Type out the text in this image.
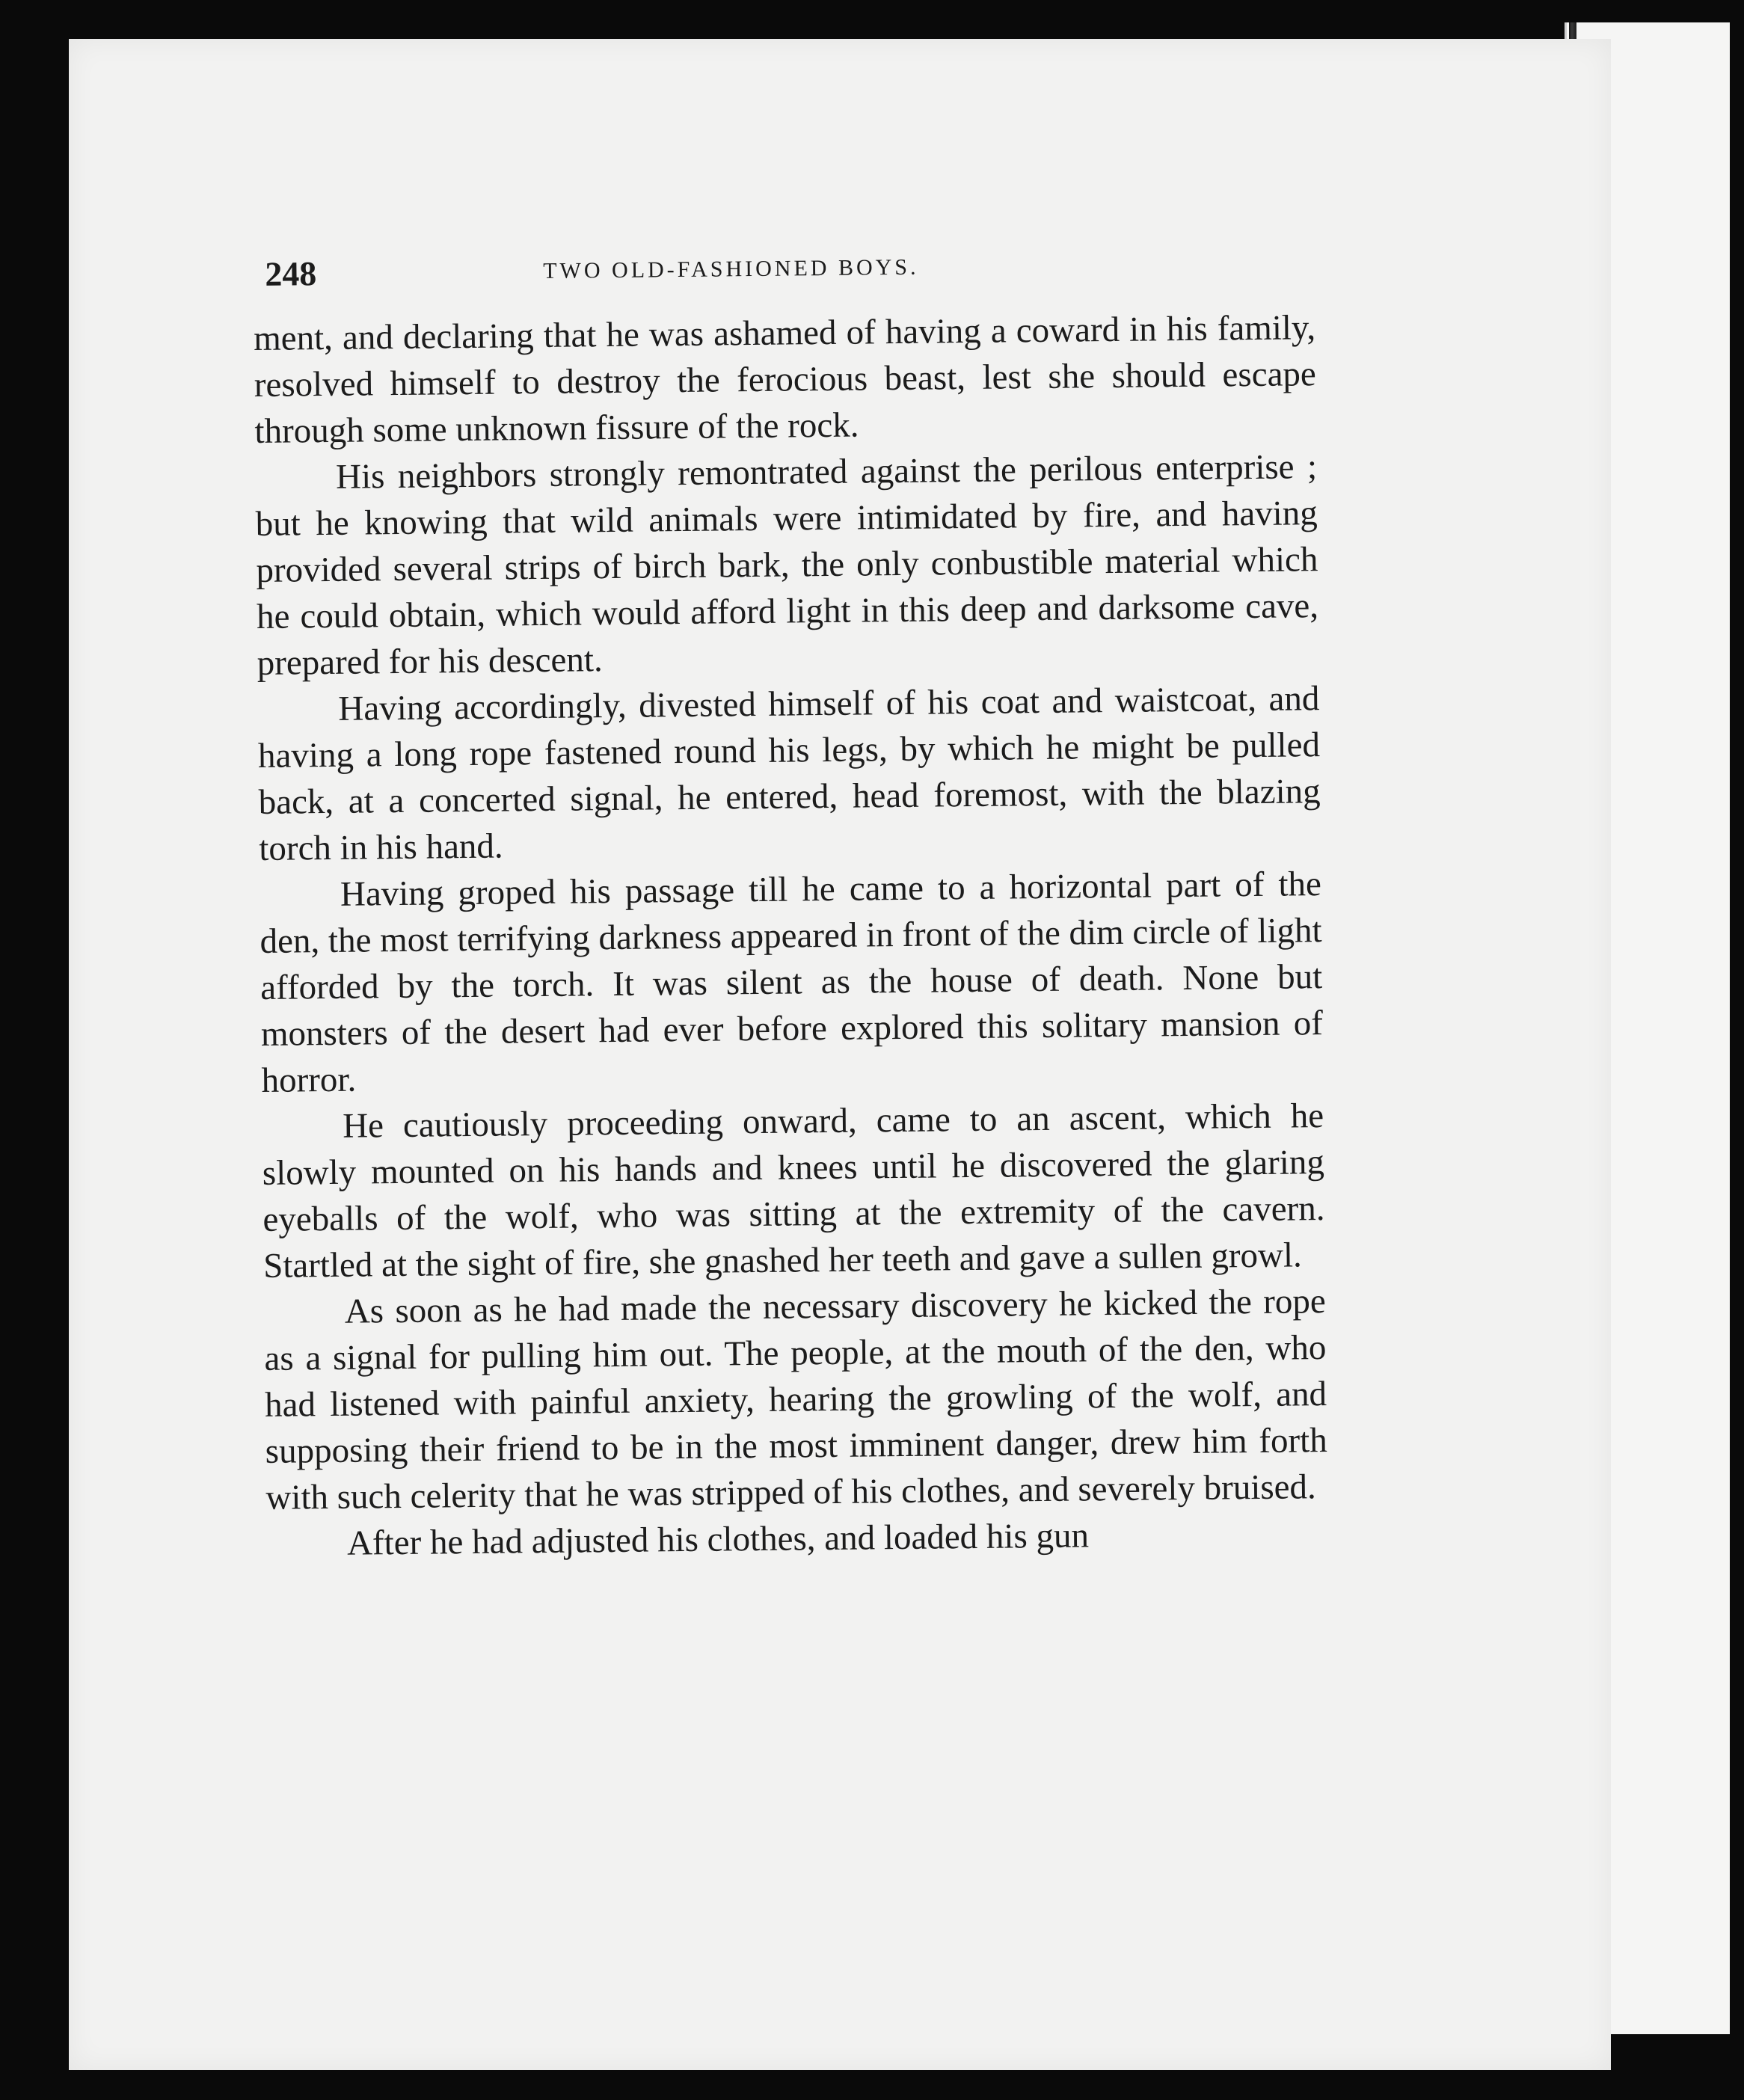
248	TWO OLD-FASHIONED BOYS.

ment, and declaring that he was ashamed of having a coward in his family, resolved himself to destroy the ferocious beast, lest she should escape through some unknown fissure of the rock.

His neighbors strongly remontrated against the perilous enterprise ; but he knowing that wild animals were intimidated by fire, and having provided several strips of birch bark, the only conbustible material which he could obtain, which would afford light in this deep and darksome cave, prepared for his descent.

Having accordingly, divested himself of his coat and waistcoat, and having a long rope fastened round his legs, by which he might be pulled back, at a concerted signal, he entered, head foremost, with the blazing torch in his hand.

Having groped his passage till he came to a horizontal part of the den, the most terrifying darkness appeared in front of the dim circle of light afforded by the torch. It was silent as the house of death. None but monsters of the desert had ever before explored this solitary mansion of horror.

He cautiously proceeding onward, came to an ascent, which he slowly mounted on his hands and knees until he discovered the glaring eyeballs of the wolf, who was sitting at the extremity of the cavern. Startled at the sight of fire, she gnashed her teeth and gave a sullen growl.

As soon as he had made the necessary discovery he kicked the rope as a signal for pulling him out. The people, at the mouth of the den, who had listened with painful anxiety, hearing the growling of the wolf, and supposing their friend to be in the most imminent danger, drew him forth with such celerity that he was stripped of his clothes, and severely bruised.

After he had adjusted his clothes, and loaded his gun
